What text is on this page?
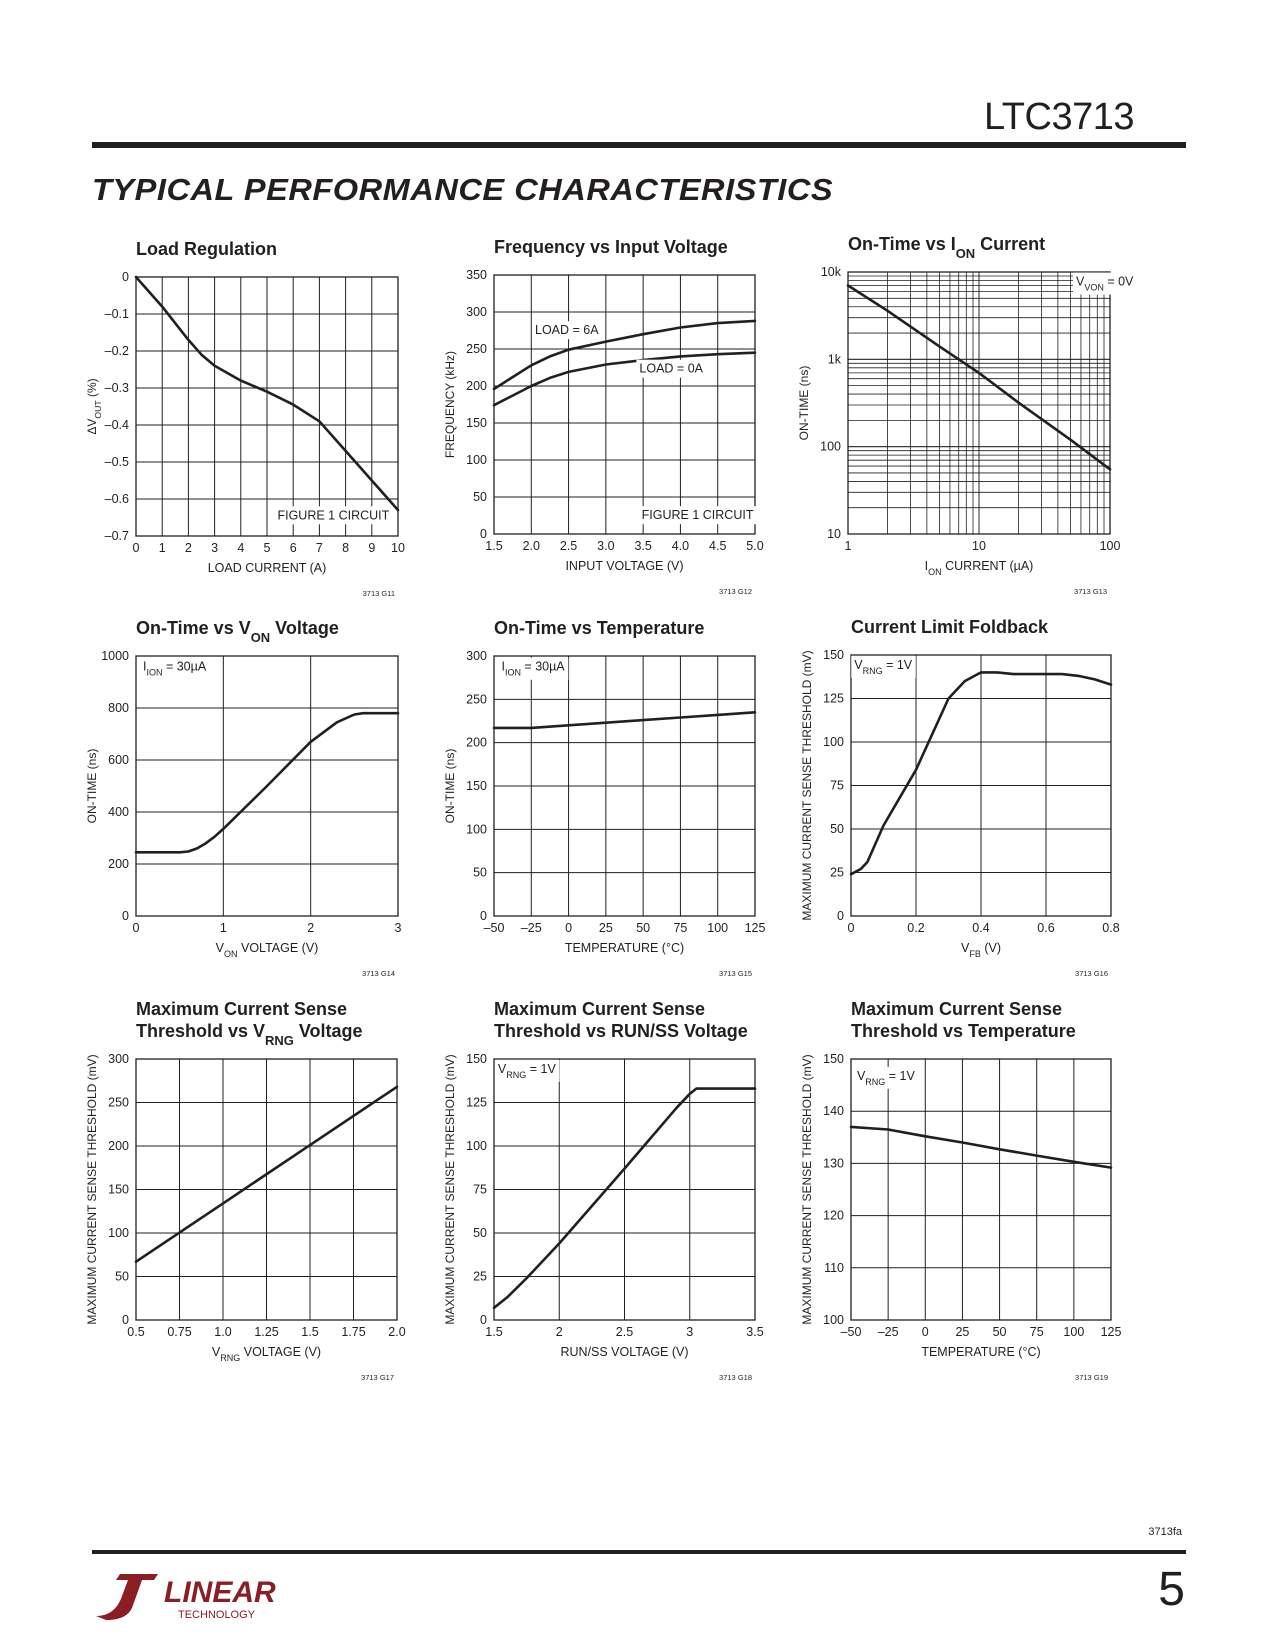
LTC3713
TYPICAL PERFORMANCE CHARACTERISTICS
0 1 2 3 4 5 6 7 8 9 10
0
–0.1
–0.2
–0.3
–0.4
–0.5
–0.6
–0.7
LOAD CURRENT (A)
$\Delta V_{OUT}$ (%)
Load Regulation
FIGURE 1 CIRCUIT
3713 G11
1.5 2.0 2.5 3.0 3.5 4.0 4.5 5.0
0
50
100
150
200
250
300
350
INPUT VOLTAGE (V)
FREQUENCY (kHz)
Frequency vs Input Voltage
LOAD = 6A
LOAD = 0A
FIGURE 1 CIRCUIT
3713 G12
1	10	100
10
100
1k
10k
$I_{ON}$ CURRENT (µA)
ON-TIME (ns)
On-Time vs $I_{ON}$ Current
$V_{VON} = 0V$
3713 G13
0	1	2	3
0
200
400
600
800
1000
$V_{ON}$ VOLTAGE (V)
ON-TIME (ns)
On-Time vs $V_{ON}$ Voltage
$I_{ION} = 30\mu A$
3713 G14
–50 –25 0 25 50 75 100 125
0
50
100
150
200
250
300
TEMPERATURE (°C)
ON-TIME (ns)
On-Time vs Temperature
$I_{ION} = 30\mu A$
3713 G15
0	0.2	0.4	0.6	0.8
0
25
50
75
100
125
150
$V_{FB}$ (V)
MAXIMUM CURRENT SENSE THRESHOLD (mV)
Current Limit Foldback
$V_{RNG} = 1V$
3713 G16
0.5 0.75 1.0 1.25 1.5 1.75 2.0
0
50
100
150
200
250
300
$V_{RNG}$ VOLTAGE (V)
MAXIMUM CURRENT SENSE THRESHOLD (mV)
Maximum Current Sense
Threshold vs $V_{RNG}$ Voltage
3713 G17
1.5	2	2.5	3	3.5
0
25
50
75
100
125
150
RUN/SS VOLTAGE (V)
MAXIMUM CURRENT SENSE THRESHOLD (mV)
Maximum Current Sense
Threshold vs RUN/SS Voltage
$V_{RNG} = 1V$
3713 G18
–50 –25 0 25 50 75 100 125
100
110
120
130
140
150
TEMPERATURE (°C)
MAXIMUM CURRENT SENSE THRESHOLD (mV)
Maximum Current Sense
Threshold vs Temperature
$V_{RNG} = 1V$
3713 G19
3713fa
5
LINEAR
TECHNOLOGY
